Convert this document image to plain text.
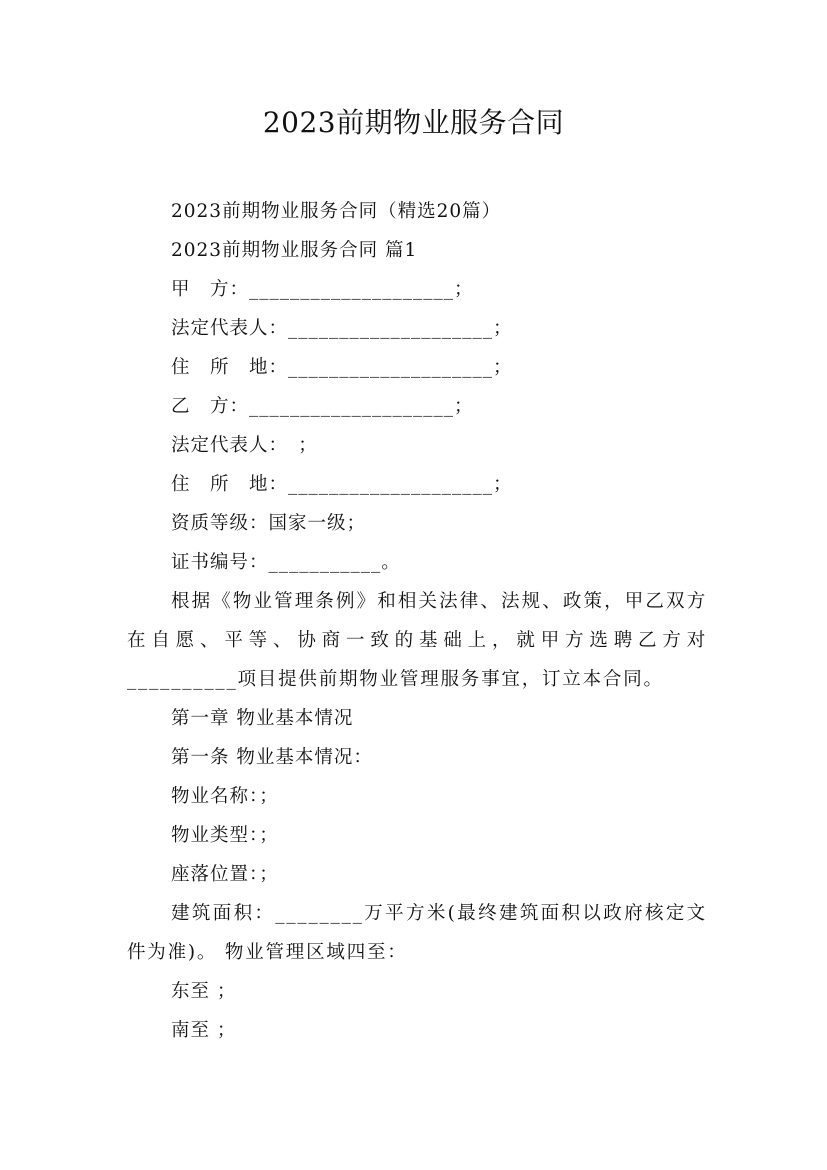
2023前期物业服务合同
2023前期物业服务合同（精选20篇）
2023前期物业服务合同 篇1
甲　方：____________________；
法定代表人：____________________；
住　所　地：____________________；
乙　方：____________________；
法定代表人：　；
住　所　地：____________________；
资质等级：国家一级；
证书编号：___________。
根据《物业管理条例》和相关法律、法规、政策，甲乙双方在自愿、平等、协商一致的基础上，就甲方选聘乙方对__________项目提供前期物业管理服务事宜，订立本合同。
第一章 物业基本情况
第一条 物业基本情况：
物业名称：；
物业类型：；
座落位置：；
建筑面积：________万平方米(最终建筑面积以政府核定文件为准)。 物业管理区域四至：
东至 ；
南至 ；
